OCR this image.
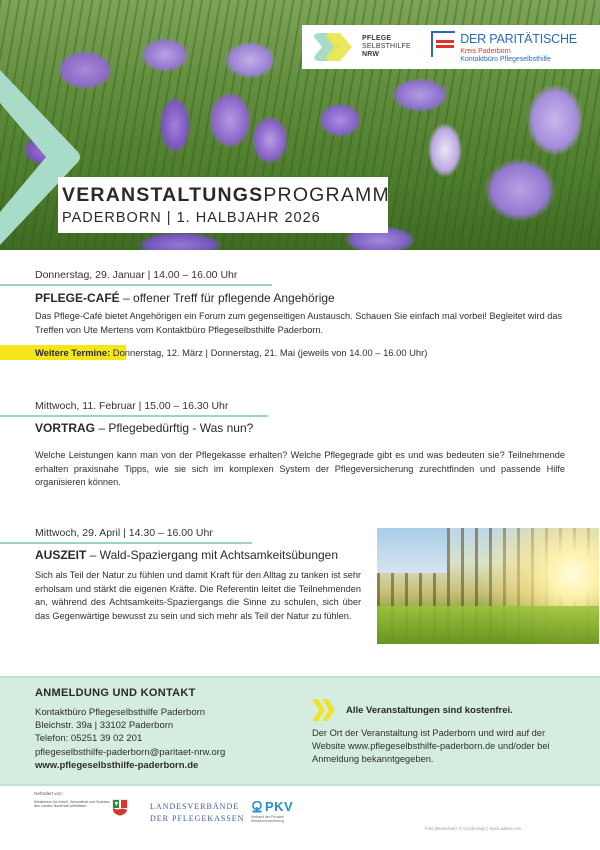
PFLEGE
SELBSTHILFE
NRW
DER PARITÄTISCHE
Kreis Paderborn
Kontaktbüro Pflegeselbsthilfe
VERANSTALTUNGSPROGRAMM
PADERBORN | 1. HALBJAHR 2026
Donnerstag, 29. Januar | 14.00 – 16.00 Uhr
PFLEGE-CAFÉ – offener Treff für pflegende Angehörige
Das Pflege-Café bietet Angehörigen ein Forum zum gegenseitigen Austausch. Schauen Sie einfach mal vorbei! Begleitet wird das Treffen von Ute Mertens vom Kontaktbüro Pflegeselbsthilfe Paderborn.
Weitere Termine: Donnerstag, 12. März | Donnerstag, 21. Mai (jeweils von 14.00 – 16.00 Uhr)
Mittwoch, 11. Februar | 15.00 – 16.30 Uhr
VORTRAG – Pflegebedürftig - Was nun?
Welche Leistungen kann man von der Pflegekasse erhalten? Welche Pflegegrade gibt es und was bedeuten sie? Teilnehmende erhalten praxisnahe Tipps, wie sie sich im komplexen System der Pflegeversicherung zurechtfinden und passende Hilfe organisieren können.
Mittwoch, 29. April | 14.30 – 16.00 Uhr
AUSZEIT – Wald-Spaziergang mit Achtsamkeitsübungen
Sich als Teil der Natur zu fühlen und damit Kraft für den Alltag zu tanken ist sehr erholsam und stärkt die eigenen Kräfte. Die Referentin leitet die Teilnehmenden an, während des Achtsamkeits-Spaziergangs die Sinne zu schulen, sich über das Gegenwärtige bewusst zu sein und sich mehr als Teil der Natur zu fühlen.
ANMELDUNG UND KONTAKT
Kontaktbüro Pflegeselbsthilfe Paderborn
Bleichstr. 39a | 33102 Paderborn
Telefon: 05251 39 02 201
pflegeselbsthilfe-paderborn@paritaet-nrw.org
www.pflegeselbsthilfe-paderborn.de
Alle Veranstaltungen sind kostenfrei.
Der Ort der Veranstaltung ist Paderborn und wird auf der Website www.pflegeselbsthilfe-paderborn.de und/oder bei Anmeldung bekanntgegeben.
Gefördert von:
Ministerium für Arbeit, Gesundheit und Soziales des Landes Nordrhein-Westfalen	LANDESVERBÄNDE
DER PFLEGEKASSEN
PKV
Verband der Privaten Krankenversicherung
Foto (Menschen): © Cecilia Bajic | stock.adobe.com
